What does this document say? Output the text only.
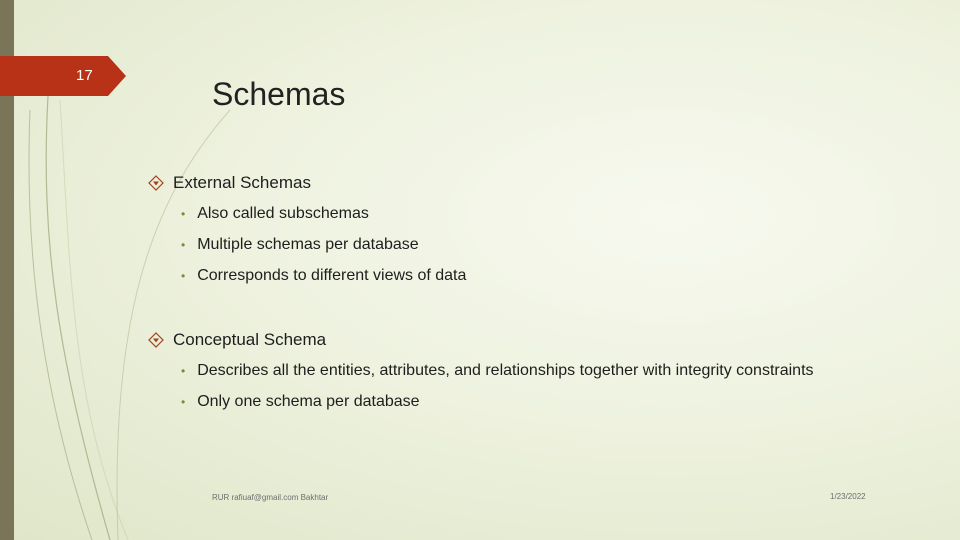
17
Schemas
External Schemas
• Also called subschemas
• Multiple schemas per database
• Corresponds to different views of data
Conceptual Schema
• Describes all the entities, attributes, and relationships together with integrity constraints
• Only one schema per database
RUR rafiuaf@gmail.com Bakhtar	1/23/2022
